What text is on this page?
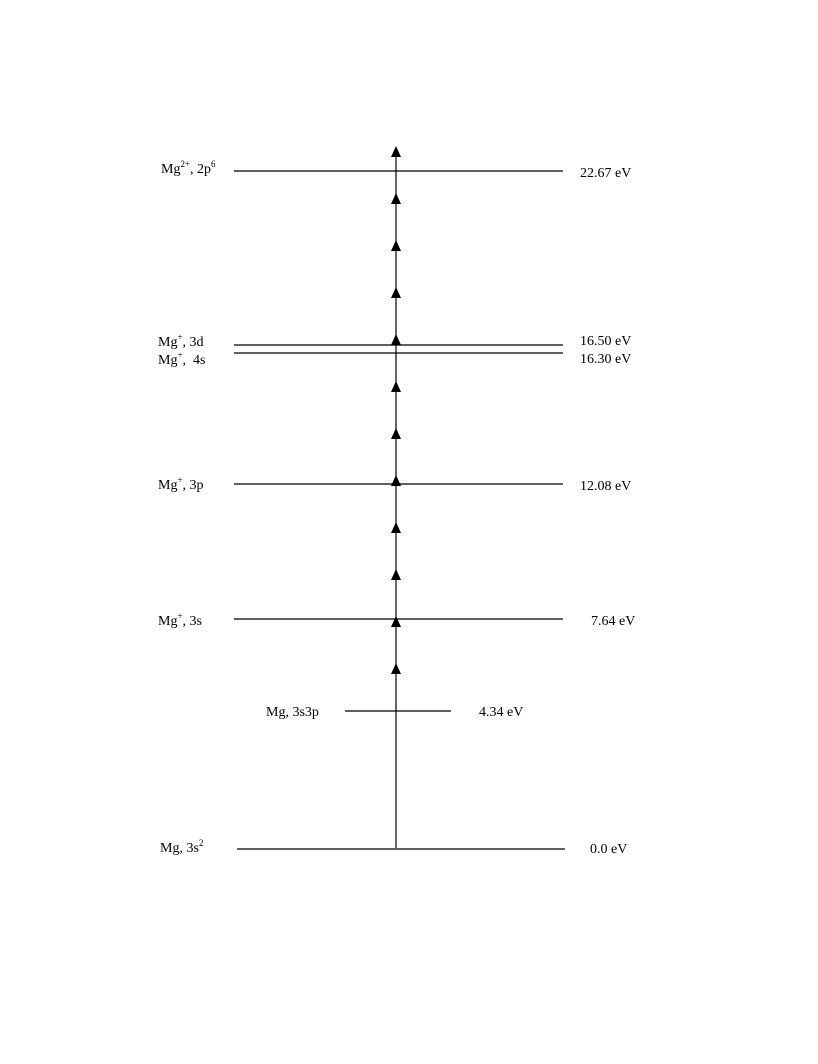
$Mg^{2+}$, $2p^6$
22.67 eV
Mg+, 3d	16.50 eV
Mg+,  4s	16.30 eV
Mg+, 3p	12.08 eV
Mg+, 3s	7.64 eV
Mg, 3s3p	4.34 eV
Mg, $3s^2$	0.0 eV
